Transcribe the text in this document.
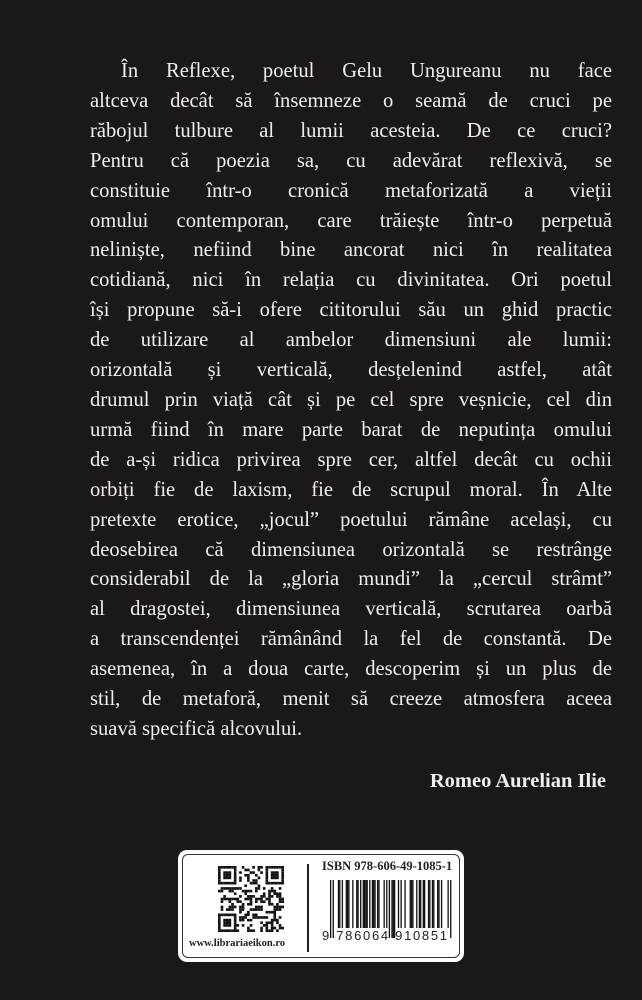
În Reflexe, poetul Gelu Ungureanu nu face
altceva decât să însemneze o seamă de cruci pe
răbojul tulbure al lumii acesteia. De ce cruci?
Pentru că poezia sa, cu adevărat reflexivă, se
constituie într-o cronică metaforizată a vieții
omului contemporan, care trăiește într-o perpetuă
neliniște, nefiind bine ancorat nici în realitatea
cotidiană, nici în relația cu divinitatea. Ori poetul
își propune să-i ofere cititorului său un ghid practic
de utilizare al ambelor dimensiuni ale lumii:
orizontală și verticală, desțelenind astfel, atât
drumul prin viață cât și pe cel spre veșnicie, cel din
urmă fiind în mare parte barat de neputința omului
de a-și ridica privirea spre cer, altfel decât cu ochii
orbiți fie de laxism, fie de scrupul moral. În Alte
pretexte erotice, „jocul” poetului rămâne același, cu
deosebirea că dimensiunea orizontală se restrânge
considerabil de la „gloria mundi” la „cercul strâmt”
al dragostei, dimensiunea verticală, scrutarea oarbă
a transcendenței rămânând la fel de constantă. De
asemenea, în a doua carte, descoperim și un plus de
stil, de metaforă, menit să creeze atmosfera aceea
suavă specifică alcovului.
Romeo Aurelian Ilie
www.librariaeikon.ro
ISBN 978-606-49-1085-1
9 786064 910851
